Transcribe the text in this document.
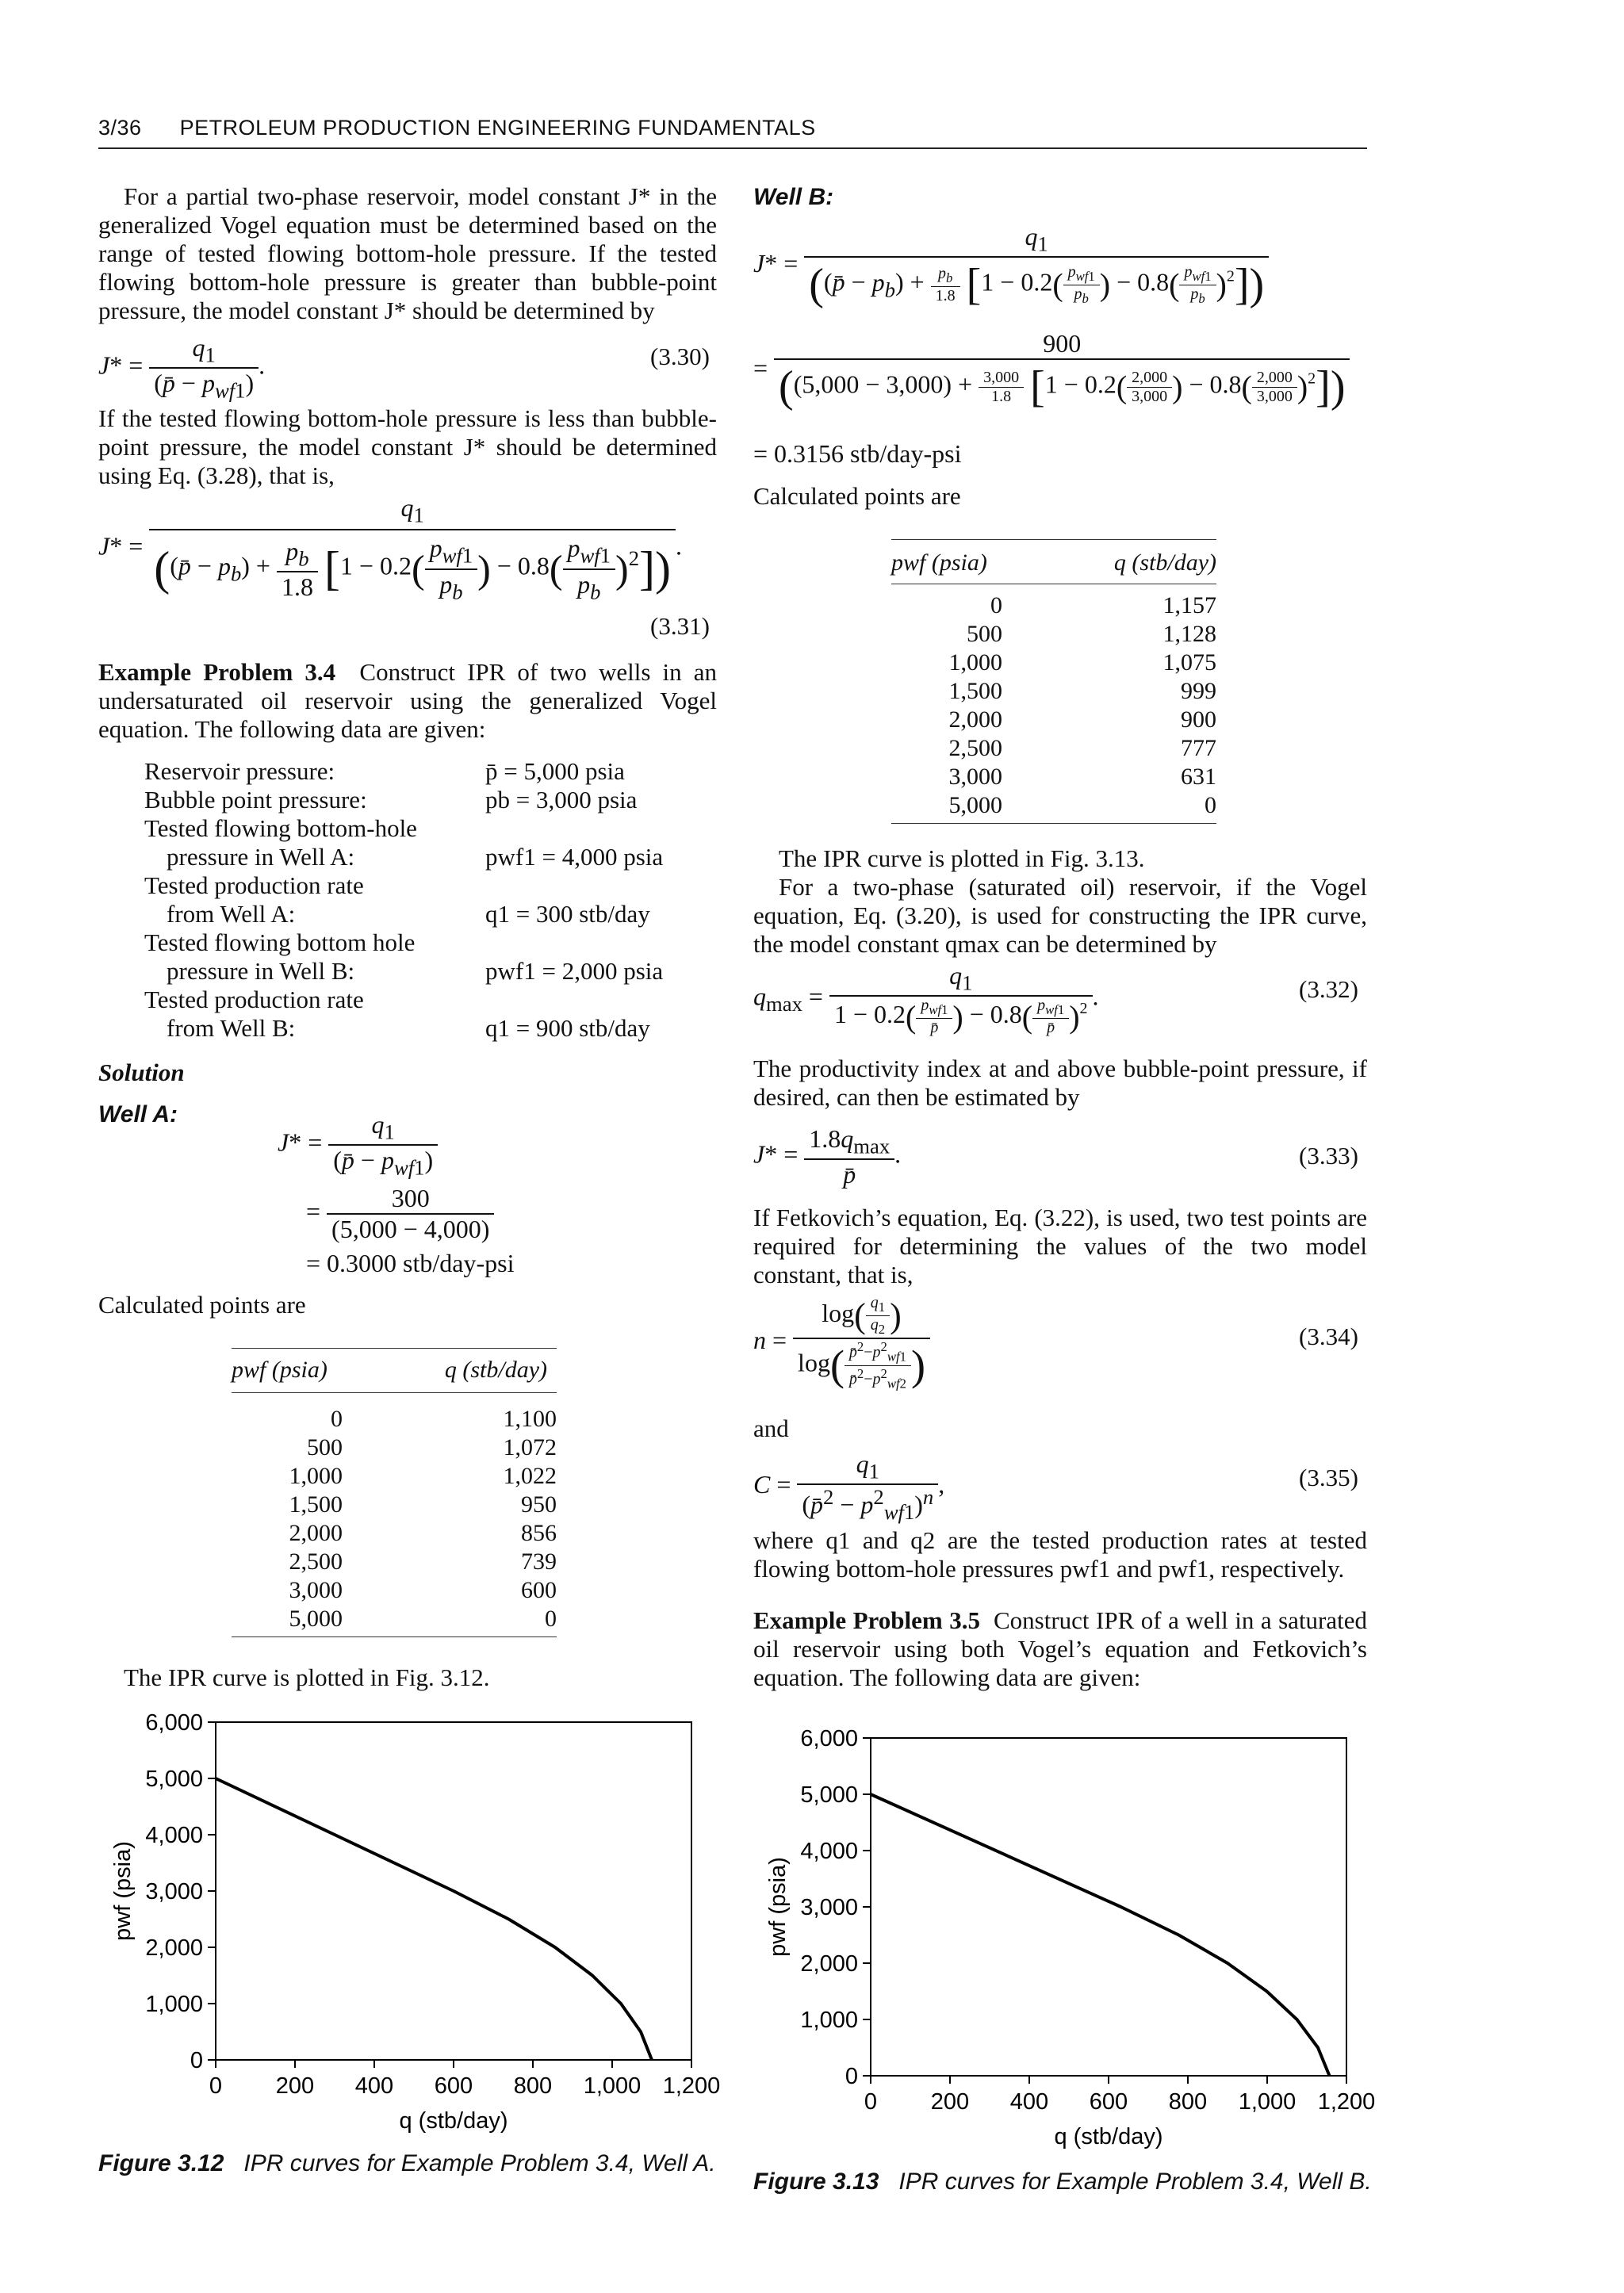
3/36 PETROLEUM PRODUCTION ENGINEERING FUNDAMENTALS
For a partial two-phase reservoir, model constant J* in the generalized Vogel equation must be determined based on the range of tested flowing bottom-hole pressure. If the tested flowing bottom-hole pressure is greater than bubble-point pressure, the model constant J* should be determined by
$J* = \frac{q_1}{(p̄ - p_{wf1})}$ .	(3.30)
If the tested flowing bottom-hole pressure is less than bubble-point pressure, the model constant J* should be determined using Eq. (3.28), that is,
$J* = \frac{q_1}{((p̄ - p_b) + \frac{p_b}{1.8} [1 - 0.2( \frac{p_{wf1}}{p_b} ) - 0.8( \frac{p_{wf1}}{p_b} )^2])}$ .
(3.31)
Example Problem 3.4 Construct IPR of two wells in an undersaturated oil reservoir using the generalized Vogel equation. The following data are given:
Reservoir pressure:	p̄ = 5,000 psia
Bubble point pressure:	pb = 3,000 psia
Tested flowing bottom-hole
pressure in Well A:	pwf1 = 4,000 psia
Tested production rate
from Well A:	q1 = 300 stb/day
Tested flowing bottom hole
pressure in Well B:	pwf1 = 2,000 psia
Tested production rate
from Well B:	q1 = 900 stb/day
Solution
Well A:
$J* = \frac{q_1}{(p̄ - p_{wf1})}$
= $\frac{300}{(5,000 - 4,000)}$
= 0.3000 stb/day-psi
Calculated points are
pwf (psia)	q (stb/day)
0		1,100
500		1,072
1,000		1,022
1,500		950
2,000		856
2,500		739
3,000		600
5,000		0
The IPR curve is plotted in Fig. 3.12.
0 200 400 600 800 1,000 1,200
0
1,000
2,000
3,000
4,000
5,000
6,000
q (stb/day)
pwf (psia)
Figure 3.12 IPR curves for Example Problem 3.4, Well A.
Well B:
$J* = \frac{q_1}{((p̄ - p_b) + \frac{p_b}{1.8} [1 - 0.2( \frac{p_{wf1}}{p_b} ) - 0.8( \frac{p_{wf1}}{p_b} )^2])}$
=
900
($(5,000 - 3,000) + \frac{3,000}{1.8} [1 - 0.2( \frac{2,000}{3,000}$ ) − $0.8( \frac{2,000}{3,000} )^2$])
= 0.3156 stb/day-psi
Calculated points are
pwf (psia)	q (stb/day)
0		1,157
500		1,128
1,000		1,075
1,500		999
2,000		900
2,500		777
3,000		631
5,000		0
The IPR curve is plotted in Fig. 3.13.
For a two-phase (saturated oil) reservoir, if the Vogel equation, Eq. (3.20), is used for constructing the IPR curve, the model constant qmax can be determined by
$q_{max} = \frac{q_1}{1 - 0.2( \frac{p_{wf1}}{p̄} ) - 0.8( \frac{p_{wf1}}{p̄} )^2}$ .	(3.32)
The productivity index at and above bubble-point pressure, if desired, can then be estimated by
$J* = \frac{1.8q_{max}}{p̄}$ .	(3.33)
If Fetkovich’s equation, Eq. (3.22), is used, two test points are required for determining the values of the two model constant, that is,
$n = \frac{\log( \frac{q_1}{q_2} )}{\log( \frac{p̄^2-p^2_{wf1}}{p̄^2-p^2_{wf2}} )}$	(3.34)
and
$C = \frac{q_1}{(p̄^2 - p^2_{wf1})^n}$ ,	(3.35)
where q1 and q2 are the tested production rates at tested flowing bottom-hole pressures pwf1 and pwf1, respectively.
Example Problem 3.5 Construct IPR of a well in a saturated oil reservoir using both Vogel’s equation and Fetkovich’s equation. The following data are given:
0 200 400 600 800 1,000 1,200
0
1,000
2,000
3,000
4,000
5,000
6,000
q (stb/day)
pwf (psia)
Figure 3.13 IPR curves for Example Problem 3.4, Well B.
